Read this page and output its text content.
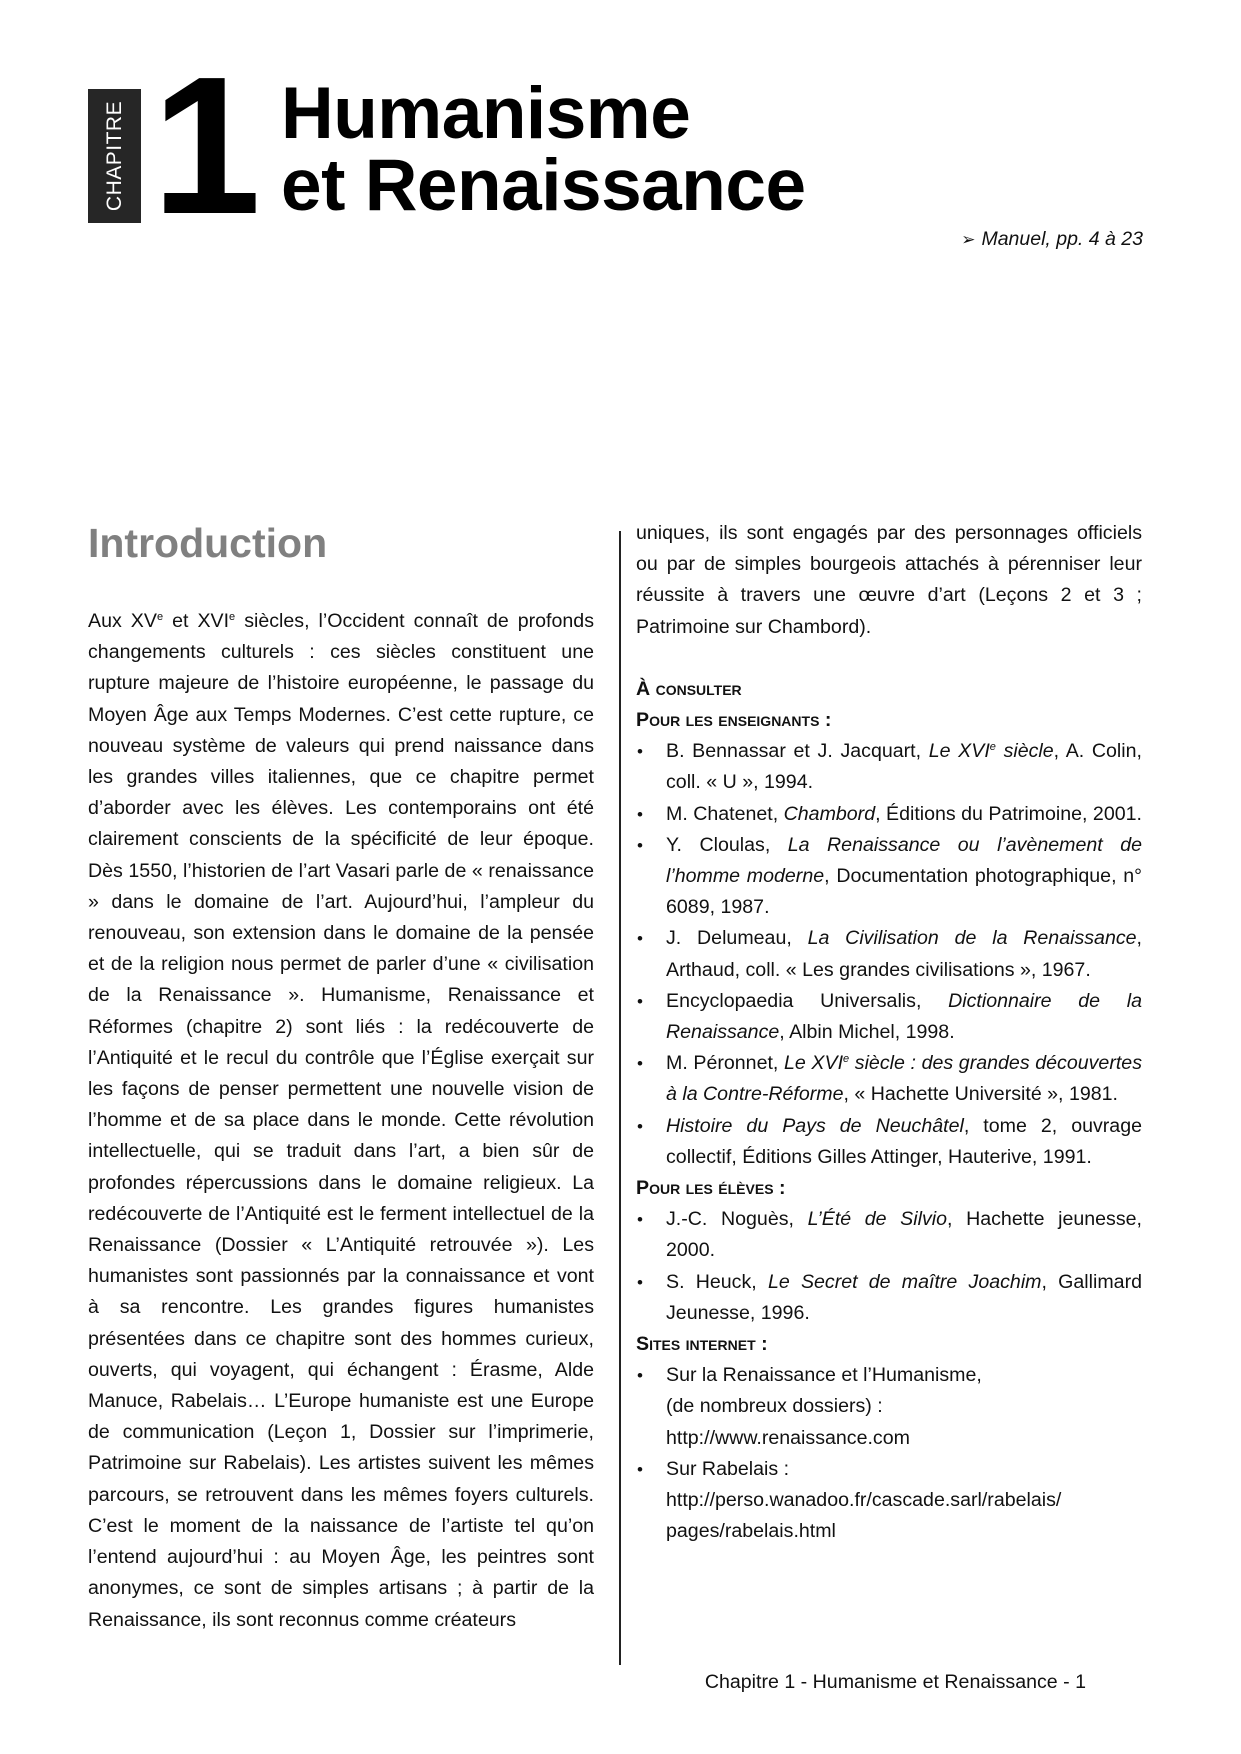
CHAPITRE 1 Humanisme
et Renaissance
➢ Manuel, pp. 4 à 23
Introduction

Aux XVe et XVIe siècles, l’Occident connaît de profonds changements culturels : ces siècles constituent une rupture majeure de l’histoire européenne, le passage du Moyen Âge aux Temps Modernes. C’est cette rupture, ce nouveau système de valeurs qui prend naissance dans les grandes villes italiennes, que ce chapitre permet d’aborder avec les élèves. Les contemporains ont été clairement conscients de la spécificité de leur époque. Dès 1550, l’historien de l’art Vasari parle de « renaissance » dans le domaine de l’art. Aujourd’hui, l’ampleur du renouveau, son extension dans le domaine de la pensée et de la religion nous permet de parler d’une « civilisation de la Renaissance ». Humanisme, Renaissance et Réformes (chapitre 2) sont liés : la redécouverte de l’Antiquité et le recul du contrôle que l’Église exerçait sur les façons de penser permettent une nouvelle vision de l’homme et de sa place dans le monde. Cette révolution intellectuelle, qui se traduit dans l’art, a bien sûr de profondes répercussions dans le domaine religieux. La redécouverte de l’Antiquité est le ferment intellectuel de la Renaissance (Dossier « L’Antiquité retrouvée »). Les humanistes sont passionnés par la connaissance et vont à sa rencontre. Les grandes figures humanistes présentées dans ce chapitre sont des hommes curieux, ouverts, qui voyagent, qui échangent : Érasme, Alde Manuce, Rabelais… L’Europe humaniste est une Europe de communication (Leçon 1, Dossier sur l’imprimerie, Patrimoine sur Rabelais). Les artistes suivent les mêmes parcours, se retrouvent dans les mêmes foyers culturels. C’est le moment de la naissance de l’artiste tel qu’on l’entend aujourd’hui : au Moyen Âge, les peintres sont anonymes, ce sont de simples artisans ; à partir de la Renaissance, ils sont reconnus comme créateurs

uniques, ils sont engagés par des personnages officiels ou par de simples bourgeois attachés à pérenniser leur réussite à travers une œuvre d’art (Leçons 2 et 3 ; Patrimoine sur Chambord).

À consulter

Pour les enseignants :

• B. Bennassar et J. Jacquart, Le XVIe siècle, A. Colin, coll. « U », 1994.
• M. Chatenet, Chambord, Éditions du Patrimoine, 2001.
• Y. Cloulas, La Renaissance ou l’avènement de l’homme moderne, Documentation photographique, n° 6089, 1987.
• J. Delumeau, La Civilisation de la Renaissance, Arthaud, coll. « Les grandes civilisations », 1967.
• Encyclopaedia Universalis, Dictionnaire de la Renaissance, Albin Michel, 1998.
• M. Péronnet, Le XVIe siècle : des grandes découvertes à la Contre-Réforme, « Hachette Université », 1981.
• Histoire du Pays de Neuchâtel, tome 2, ouvrage collectif, Éditions Gilles Attinger, Hauterive, 1991.

Pour les élèves :

• J.-C. Noguès, L’Été de Silvio, Hachette jeunesse, 2000.
• S. Heuck, Le Secret de maître Joachim, Gallimard Jeunesse, 1996.

Sites internet :

• Sur la Renaissance et l’Humanisme,
(de nombreux dossiers) :
http://www.renaissance.com
• Sur Rabelais :
http://perso.wanadoo.fr/cascade.sarl/rabelais/
pages/rabelais.html
Chapitre 1 - Humanisme et Renaissance - 1
